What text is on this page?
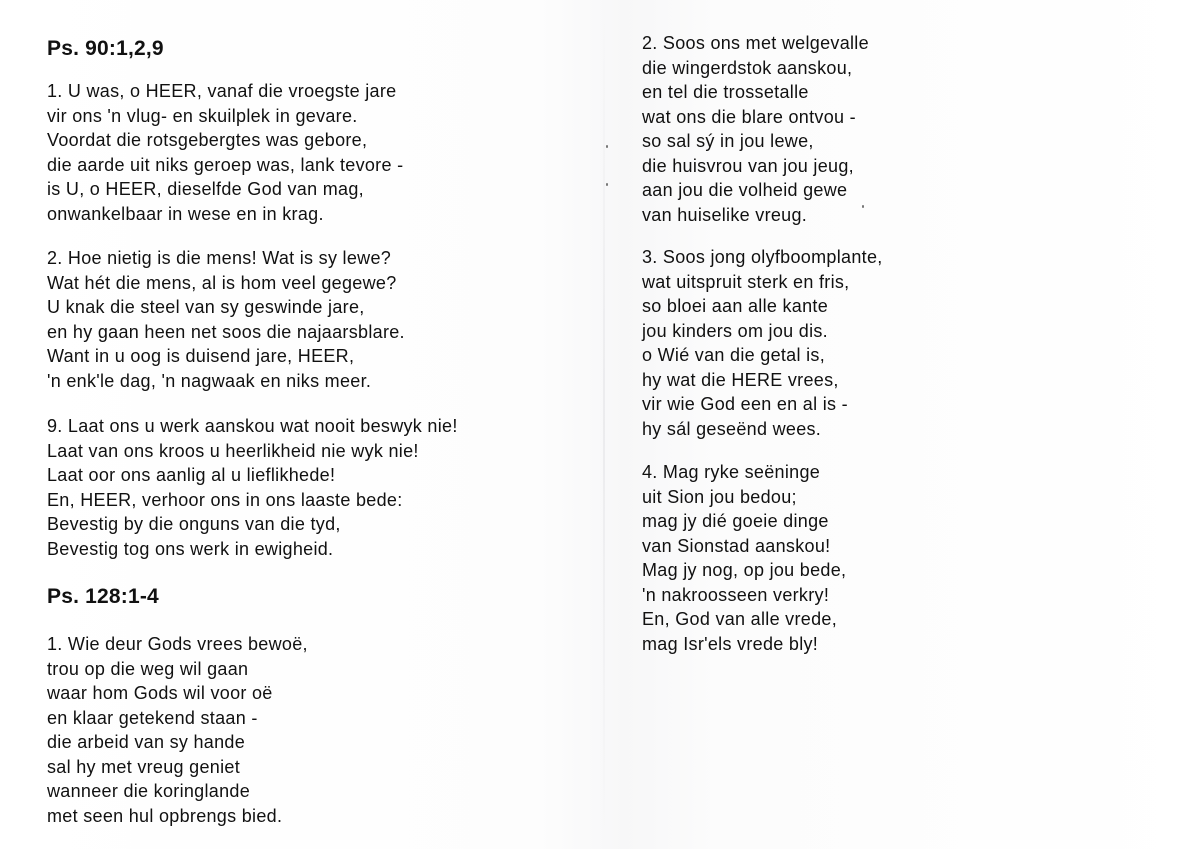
Ps. 90:1,2,9
1. U was, o HEER, vanaf die vroegste jare
vir ons 'n vlug- en skuilplek in gevare.
Voordat die rotsgebergtes was gebore,
die aarde uit niks geroep was, lank tevore -
is U, o HEER, dieselfde God van mag,
onwankelbaar in wese en in krag.
2. Hoe nietig is die mens! Wat is sy lewe?
Wat hét die mens, al is hom veel gegewe?
U knak die steel van sy geswinde jare,
en hy gaan heen net soos die najaarsblare.
Want in u oog is duisend jare, HEER,
'n enk'le dag, 'n nagwaak en niks meer.
9. Laat ons u werk aanskou wat nooit beswyk nie!
Laat van ons kroos u heerlikheid nie wyk nie!
Laat oor ons aanlig al u lieflikhede!
En, HEER, verhoor ons in ons laaste bede:
Bevestig by die onguns van die tyd,
Bevestig tog ons werk in ewigheid.
Ps. 128:1-4
1. Wie deur Gods vrees bewoë,
trou op die weg wil gaan
waar hom Gods wil voor oë
en klaar getekend staan -
die arbeid van sy hande
sal hy met vreug geniet
wanneer die koringlande
met seen hul opbrengs bied.
2. Soos ons met welgevalle
die wingerdstok aanskou,
en tel die trossetalle
wat ons die blare ontvou -
so sal sý in jou lewe,
die huisvrou van jou jeug,
aan jou die volheid gewe
van huiselike vreug.
3. Soos jong olyfboomplante,
wat uitspruit sterk en fris,
so bloei aan alle kante
jou kinders om jou dis.
o Wié van die getal is,
hy wat die HERE vrees,
vir wie God een en al is -
hy sál geseënd wees.
4. Mag ryke seëninge
uit Sion jou bedou;
mag jy dié goeie dinge
van Sionstad aanskou!
Mag jy nog, op jou bede,
'n nakroosseen verkry!
En, God van alle vrede,
mag Isr'els vrede bly!
